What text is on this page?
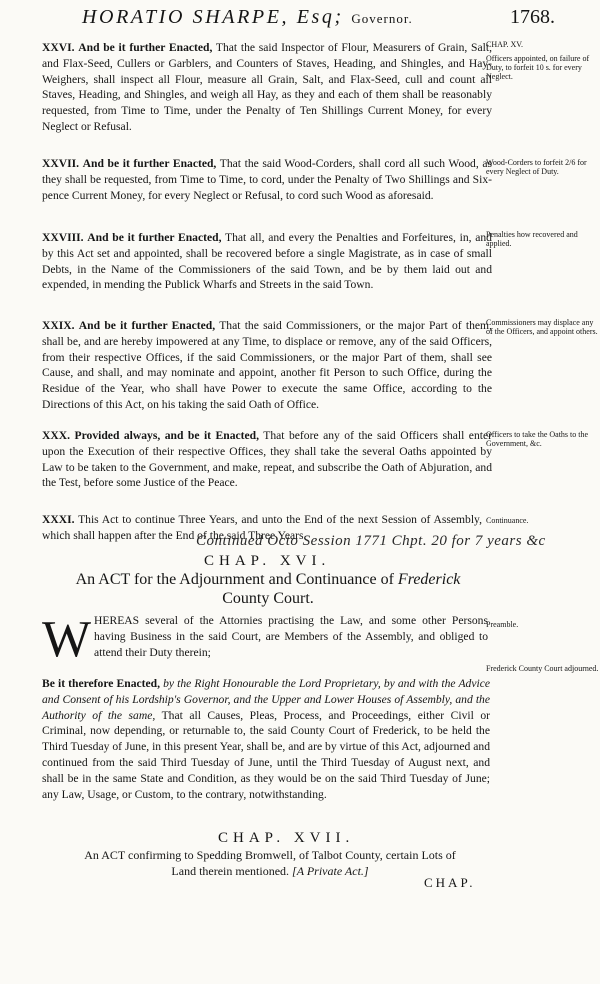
HORATIO SHARPE, Esq; Governor.	1768.
CHAP. XV.
XXVI. And be it further Enacted, That the said Inspector of Flour, Measurers of Grain, Salt, and Flax-Seed, Cullers or Garblers, and Counters of Staves, Heading, and Shingles, and Hay-Weighers, shall inspect all Flour, measure all Grain, Salt, and Flax-Seed, cull and count all Staves, Heading, and Shingles, and weigh all Hay, as they and each of them shall be reasonably requested, from Time to Time, under the Penalty of Ten Shillings Current Money, for every Neglect or Refusal.
Officers appointed, on failure of Duty, to forfeit 10 s. for every Neglect.
XXVII. And be it further Enacted, That the said Wood-Corders, shall cord all such Wood, as they shall be requested, from Time to Time, to cord, under the Penalty of Two Shillings and Six-pence Current Money, for every Neglect or Refusal, to cord such Wood as aforesaid.
Wood-Corders to forfeit 2/6 for every Neglect of Duty.
XXVIII. And be it further Enacted, That all, and every the Penalties and Forfeitures, in, and by this Act set and appointed, shall be recovered before a single Magistrate, as in case of small Debts, in the Name of the Commissioners of the said Town, and be by them laid out and expended, in mending the Publick Wharfs and Streets in the said Town.
Penalties how recovered and applied.
XXIX. And be it further Enacted, That the said Commissioners, or the major Part of them, shall be, and are hereby impowered at any Time, to displace or remove, any of the said Officers, from their respective Offices, if the said Commissioners, or the major Part of them, shall see Cause, and shall, and may nominate and appoint, another fit Person to such Office, during the Residue of the Year, who shall have Power to execute the same Office, according to the Directions of this Act, on his taking the said Oath of Office.
Commissioners may displace any of the Officers, and appoint others.
XXX. Provided always, and be it Enacted, That before any of the said Officers shall enter upon the Execution of their respective Offices, they shall take the several Oaths appointed by Law to be taken to the Government, and make, repeat, and subscribe the Oath of Abjuration, and the Test, before some Justice of the Peace.
Officers to take the Oaths to the Government, &c.
XXXI. This Act to continue Three Years, and unto the End of the next Session of Assembly, which shall happen after the End of the said Three Years.
Continuance.
Continued Octo Session 1771 Chpt. 20 for 7 years &c
CHAP. XVI.
An ACT for the Adjournment and Continuance of Frederick
County Court.
W HEREAS several of the Attornies practising the Law, and some other Persons having Business in the said Court, are Members of the Assembly, and obliged to attend their Duty therein;
Preamble.
Be it therefore Enacted, by the Right Honourable the Lord Proprietary, by and with the Advice and Consent of his Lordship's Governor, and the Upper and Lower Houses of Assembly, and the Authority of the same, That all Causes, Pleas, Process, and Proceedings, either Civil or Criminal, now depending, or returnable to, the said County Court of Frederick, to be held the Third Tuesday of June, in this present Year, shall be, and are by virtue of this Act, adjourned and continued from the said Third Tuesday of June, until the Third Tuesday of August next, and shall be in the same State and Condition, as they would be on the said Third Tuesday of June; any Law, Usage, or Custom, to the contrary, notwithstanding.
Frederick County Court adjourned.
CHAP. XVII.
An ACT confirming to Spedding Bromwell, of Talbot County, certain Lots of
Land therein mentioned. [A Private Act.]
CHAP.
